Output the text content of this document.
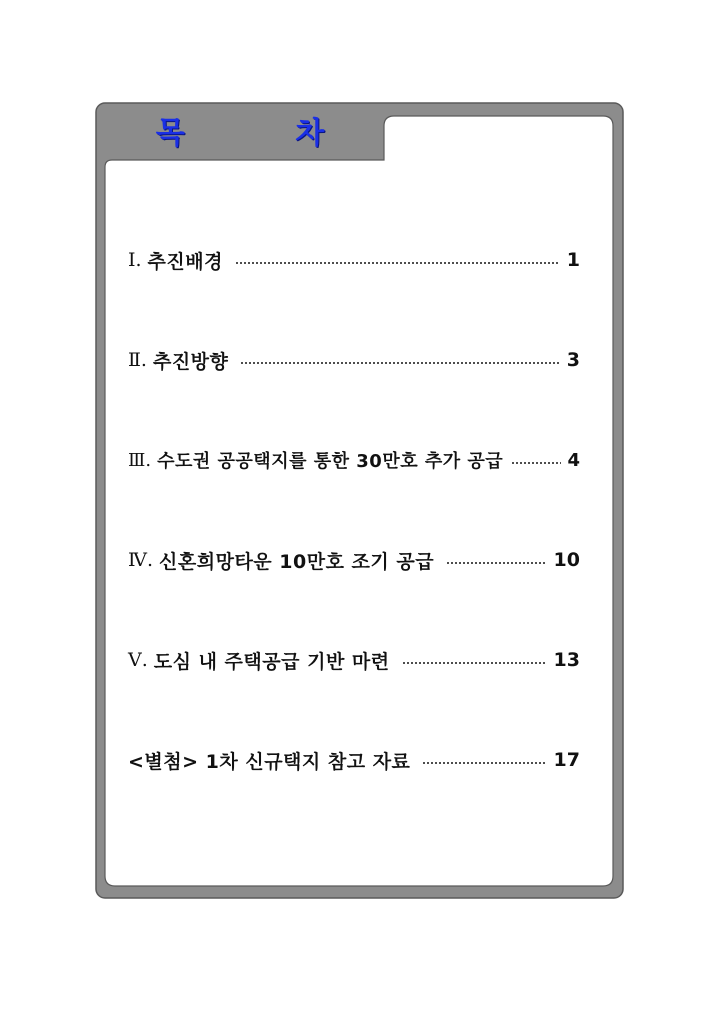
목 차
Ⅰ. 추진배경	1
Ⅱ. 추진방향	3
Ⅲ. 수도권 공공택지를 통한 30만호 추가 공급	4
Ⅳ. 신혼희망타운 10만호 조기 공급	10
Ⅴ. 도심 내 주택공급 기반 마련	13
<별첨> 1차 신규택지 참고 자료	17
